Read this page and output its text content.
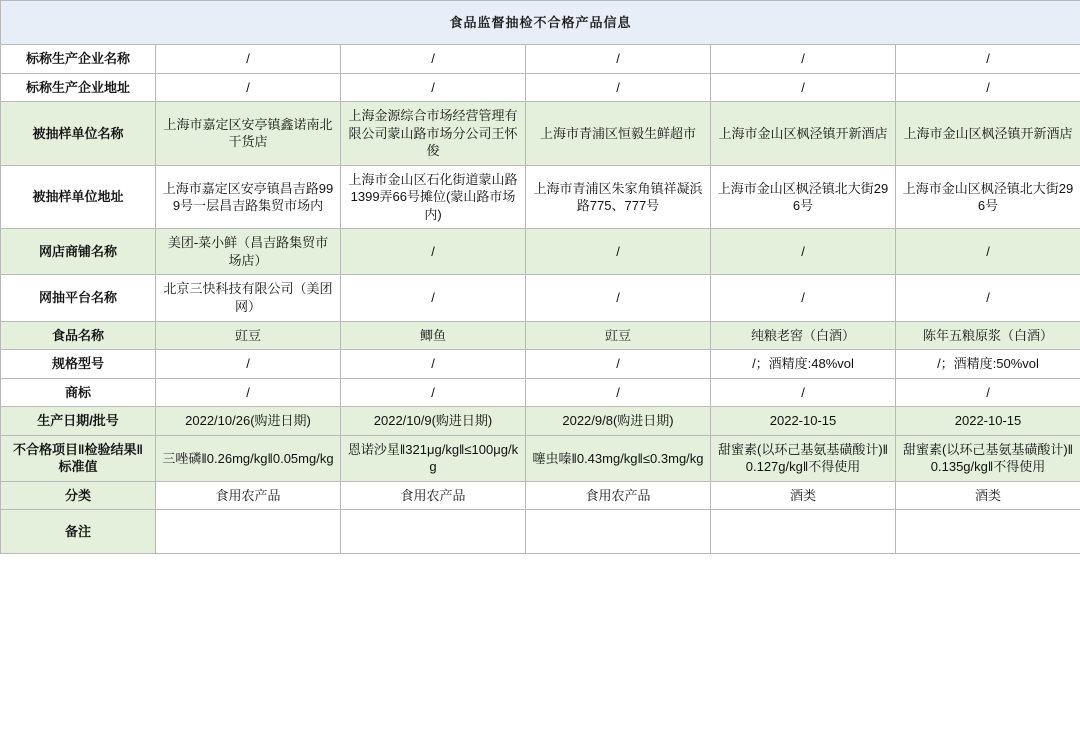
食品监督抽检不合格产品信息					
标称生产企业名称	/	/	/	/	/
标称生产企业地址	/	/	/	/	/
被抽样单位名称	上海市嘉定区安亭镇鑫诺南北干货店	上海金源综合市场经营管理有限公司蒙山路市场分公司王怀俊	上海市青浦区恒毅生鲜超市	上海市金山区枫泾镇开新酒店	上海市金山区枫泾镇开新酒店
被抽样单位地址	上海市嘉定区安亭镇昌吉路999号一层昌吉路集贸市场内	上海市金山区石化街道蒙山路1399弄66号摊位(蒙山路市场内)	上海市青浦区朱家角镇祥凝浜路775、777号	上海市金山区枫泾镇北大街296号	上海市金山区枫泾镇北大街296号
网店商铺名称	美团-菜小鲜（昌吉路集贸市场店）	/	/	/	/
网抽平台名称	北京三快科技有限公司（美团网）	/	/	/	/
食品名称	豇豆	鲫鱼	豇豆	纯粮老窖（白酒）	陈年五粮原浆（白酒）
规格型号	/	/	/	/；酒精度:48%vol	/；酒精度:50%vol
商标	/	/	/	/	/
生产日期/批号	2022/10/26(购进日期)	2022/10/9(购进日期)	2022/9/8(购进日期)	2022-10-15	2022-10-15
不合格项目‖检验结果‖标准值	三唑磷‖0.26mg/kg‖0.05mg/kg	恩诺沙星‖321μg/kg‖≤100μg/kg	噻虫嗪‖0.43mg/kg‖≤0.3mg/kg	甜蜜素(以环己基氨基磺酸计)‖0.127g/kg‖不得使用	甜蜜素(以环己基氨基磺酸计)‖0.135g/kg‖不得使用
分类	食用农产品	食用农产品	食用农产品	酒类	酒类
备注					
